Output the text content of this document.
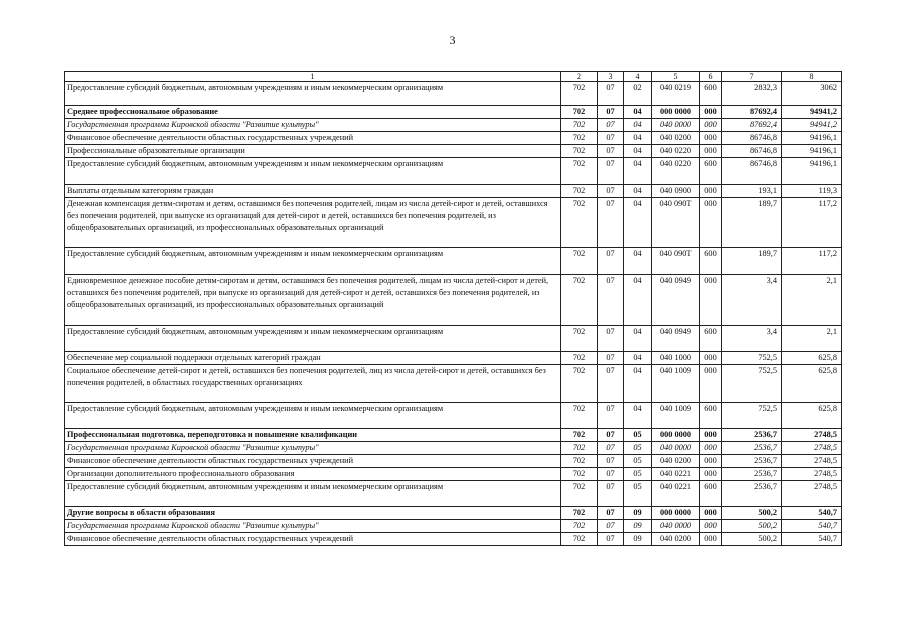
3
1	2	3	4	5	6	7	8
Предоставление субсидий бюджетным, автономным учреждениям и иным некоммерческим организациям	702	07	02	040 0219	600	2832,3	3062
Среднее профессиональное образование	702	07	04	000 0000	000	87692,4	94941,2
Государственная программа Кировской области "Развитие культуры"	702	07	04	040 0000	000	87692,4	94941,2
Финансовое обеспечение деятельности областных государственных учреждений	702	07	04	040 0200	000	86746,8	94196,1
Профессиональные образовательные организации	702	07	04	040 0220	000	86746,8	94196,1
Предоставление субсидий бюджетным, автономным учреждениям и иным некоммерческим организациям	702	07	04	040 0220	600	86746,8	94196,1
Выплаты отдельным категориям граждан	702	07	04	040 0900	000	193,1	119,3
Денежная компенсация детям-сиротам и детям, оставшимся без попечения родителей, лицам из числа детей-сирот и детей, оставшихся без попечения родителей, при выпуске из организаций для детей-сирот и детей, оставшихся без попечения родителей, из общеобразовательных организаций, из профессиональных образовательных организаций	702	07	04	040 090Т	000	189,7	117,2
Предоставление субсидий бюджетным, автономным учреждениям и иным некоммерческим организациям	702	07	04	040 090Т	600	189,7	117,2
Единовременное денежное пособие детям-сиротам и детям, оставшимся без попечения родителей, лицам из числа детей-сирот и детей, оставшихся без попечения родителей, при выпуске из организаций для детей-сирот и детей, оставшихся без попечения родителей, из общеобразовательных организаций, из профессиональных образовательных организаций	702	07	04	040 0949	000	3,4	2,1
Предоставление субсидий бюджетным, автономным учреждениям и иным некоммерческим организациям	702	07	04	040 0949	600	3,4	2,1
Обеспечение мер социальной поддержки отдельных категорий граждан	702	07	04	040 1000	000	752,5	625,8
Социальное обеспечение детей-сирот и детей, оставшихся без попечения родителей, лиц из числа детей-сирот и детей, оставшихся без попечения родителей, в областных государственных организациях	702	07	04	040 1009	000	752,5	625,8
Предоставление субсидий бюджетным, автономным учреждениям и иным некоммерческим организациям	702	07	04	040 1009	600	752,5	625,8
Профессиональная подготовка, переподготовка и повышение квалификации	702	07	05	000 0000	000	2536,7	2748,5
Государственная программа Кировской области "Развитие культуры"	702	07	05	040 0000	000	2536,7	2748,5
Финансовое обеспечение деятельности областных государственных учреждений	702	07	05	040 0200	000	2536,7	2748,5
Организации дополнительного профессионального образования	702	07	05	040 0221	000	2536,7	2748,5
Предоставление субсидий бюджетным, автономным учреждениям и иным некоммерческим организациям	702	07	05	040 0221	600	2536,7	2748,5
Другие вопросы в области образования	702	07	09	000 0000	000	500,2	540,7
Государственная программа Кировской области "Развитие культуры"	702	07	09	040 0000	000	500,2	540,7
Финансовое обеспечение деятельности областных государственных учреждений	702	07	09	040 0200	000	500,2	540,7
